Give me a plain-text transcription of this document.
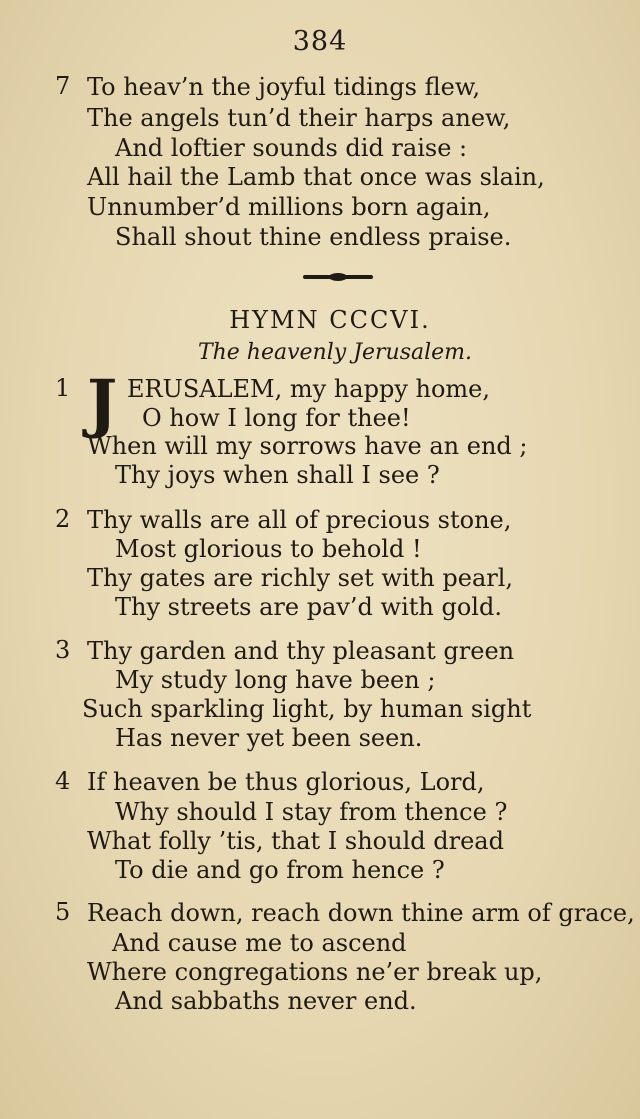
384
7 To heav’n the joyful tidings flew,
The angels tun’d their harps anew,
And loftier sounds did raise :
All hail the Lamb that once was slain,
Unnumber’d millions born again,
Shall shout thine endless praise.
HYMN CCCVI.
The heavenly Jerusalem.
1 J ERUSALEM, my happy home,
O how I long for thee!
When will my sorrows have an end ;
Thy joys when shall I see ?
2 Thy walls are all of precious stone,
Most glorious to behold !
Thy gates are richly set with pearl,
Thy streets are pav’d with gold.
3 Thy garden and thy pleasant green
My study long have been ;
Such sparkling light, by human sight
Has never yet been seen.
4 If heaven be thus glorious, Lord,
Why should I stay from thence ?
What folly ’tis, that I should dread
To die and go from hence ?
5 Reach down, reach down thine arm of grace,
And cause me to ascend
Where congregations ne’er break up,
And sabbaths never end.
